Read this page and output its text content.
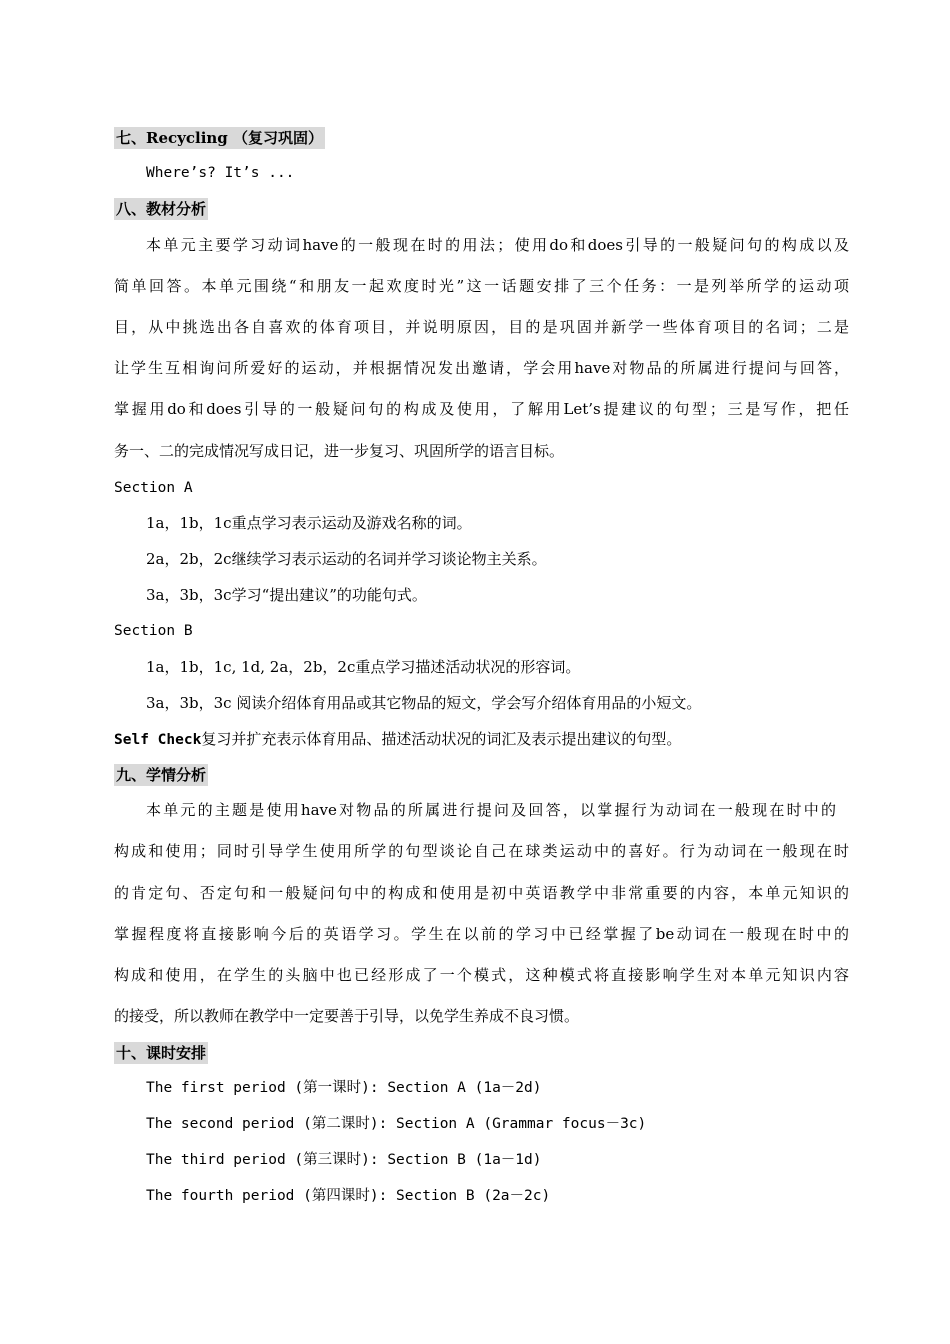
七、Recycling （复习巩固）
Where’s? It’s ...
八、教材分析
本单元主要学习动词have的一般现在时的用法；使用do和does引导的一般疑问句的构成以及
简单回答。本单元围绕“和朋友一起欢度时光”这一话题安排了三个任务：一是列举所学的运动项
目，从中挑选出各自喜欢的体育项目，并说明原因，目的是巩固并新学一些体育项目的名词；二是
让学生互相询问所爱好的运动，并根据情况发出邀请，学会用have对物品的所属进行提问与回答，
掌握用do和does引导的一般疑问句的构成及使用，了解用Let’s提建议的句型；三是写作，把任
务一、二的完成情况写成日记，进一步复习、巩固所学的语言目标。
Section A
1a，1b，1c重点学习表示运动及游戏名称的词。
2a，2b，2c继续学习表示运动的名词并学习谈论物主关系。
3a，3b，3c学习“提出建议”的功能句式。
Section B
1a，1b，1c, 1d, 2a，2b，2c重点学习描述活动状况的形容词。
3a，3b，3c 阅读介绍体育用品或其它物品的短文，学会写介绍体育用品的小短文。
Self Check复习并扩充表示体育用品、描述活动状况的词汇及表示提出建议的句型。
九、学情分析
本单元的主题是使用have对物品的所属进行提问及回答，以掌握行为动词在一般现在时中的
构成和使用；同时引导学生使用所学的句型谈论自己在球类运动中的喜好。行为动词在一般现在时
的肯定句、否定句和一般疑问句中的构成和使用是初中英语教学中非常重要的内容，本单元知识的
掌握程度将直接影响今后的英语学习。学生在以前的学习中已经掌握了be动词在一般现在时中的
构成和使用，在学生的头脑中也已经形成了一个模式，这种模式将直接影响学生对本单元知识内容
的接受，所以教师在教学中一定要善于引导，以免学生养成不良习惯。
十、课时安排
The first period (第一课时): Section A (1a－2d)
The second period (第二课时): Section A (Grammar focus－3c)
The third period (第三课时): Section B (1a－1d)
The fourth period (第四课时): Section B (2a－2c)
